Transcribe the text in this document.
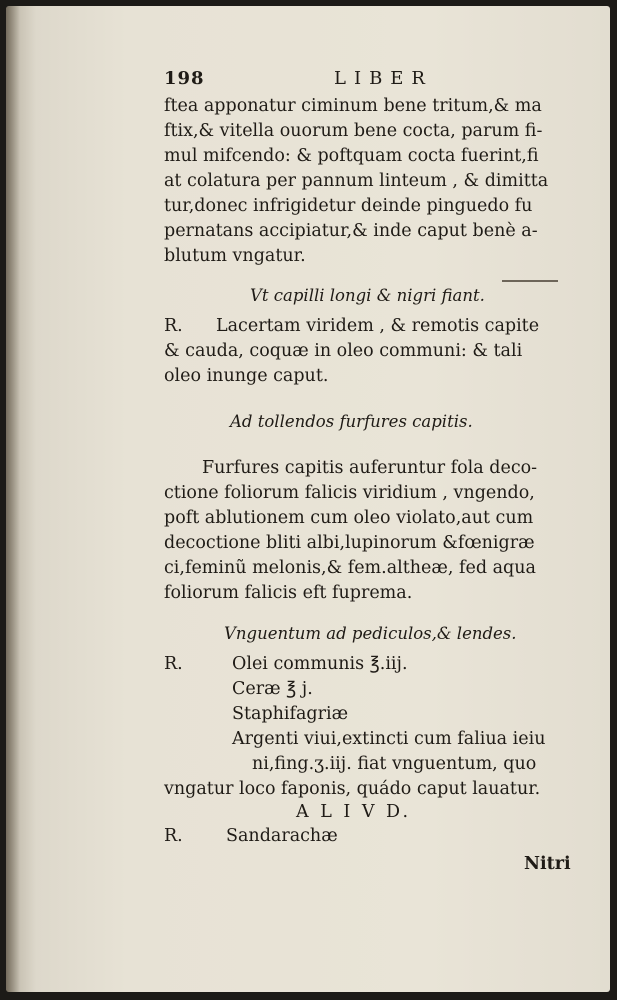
198	LIBER
ftea apponatur ciminum bene tritum,& ma
ftix,& vitella ouorum bene cocta, parum fi-
mul mifcendo: & poftquam cocta fuerint,fi
at colatura per pannum linteum , & dimitta
tur,donec infrigidetur deinde pinguedo fu
pernatans accipiatur,& inde caput benè a-
blutum vngatur.
Vt capilli longi & nigri fiant.
R. Lacertam viridem , & remotis capite
& cauda, coquæ in oleo communi: & tali
oleo inunge caput.
Ad tollendos furfures capitis.
Furfures capitis auferuntur fola deco-
ctione foliorum falicis viridium , vngendo,
poft ablutionem cum oleo violato,aut cum
decoctione bliti albi,lupinorum &fœnigræ
ci,feminũ melonis,& fem.altheæ, fed aqua
foliorum falicis eft fuprema.
Vnguentum ad pediculos,& lendes.
R.	Olei communis ℥.iij.
Ceræ ℥ j.
Staphifagriæ
Argenti viui,extincti cum faliua ieiu
ni,fing.ʒ.iij. fiat vnguentum, quo
vngatur loco faponis, quádo caput lauatur.
A L I V D.
R. Sandarachæ
Nitri
